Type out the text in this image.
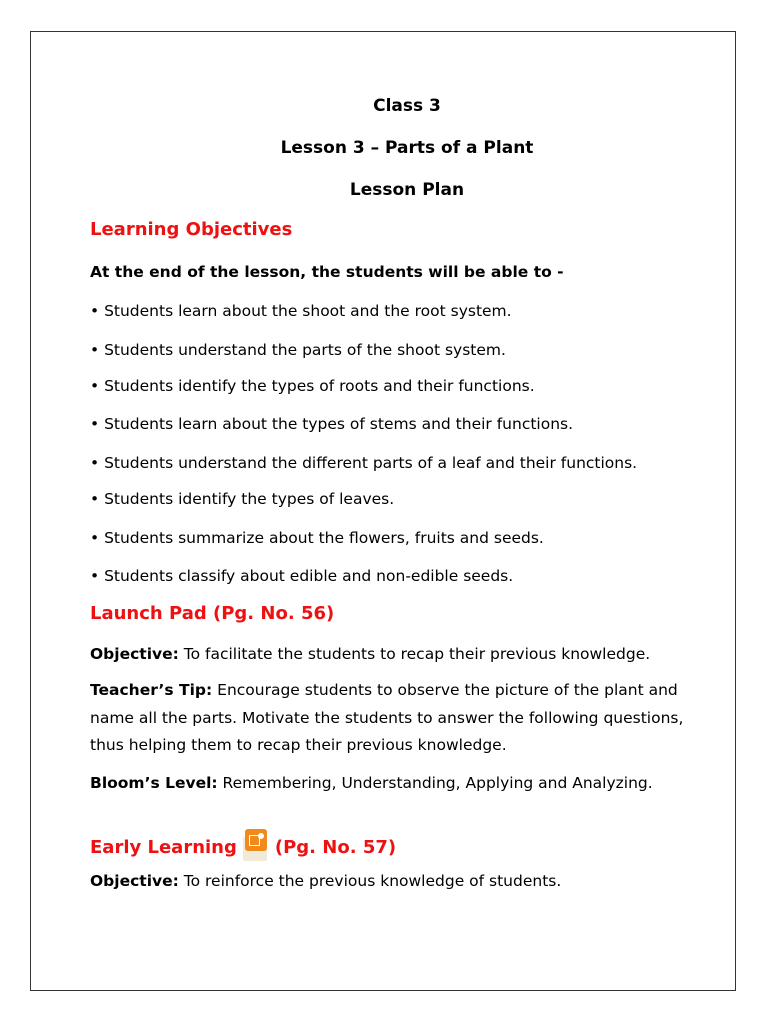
Class 3
Lesson 3 – Parts of a Plant
Lesson Plan
Learning Objectives
At the end of the lesson, the students will be able to -
• Students learn about the shoot and the root system.
• Students understand the parts of the shoot system.
• Students identify the types of roots and their functions.
• Students learn about the types of stems and their functions.
• Students understand the different parts of a leaf and their functions.
• Students identify the types of leaves.
• Students summarize about the flowers, fruits and seeds.
• Students classify about edible and non-edible seeds.
Launch Pad (Pg. No. 56)
Objective: To facilitate the students to recap their previous knowledge.
Teacher’s Tip: Encourage students to observe the picture of the plant and name all the parts. Motivate the students to answer the following questions, thus helping them to recap their previous knowledge.
Bloom’s Level: Remembering, Understanding, Applying and Analyzing.
Early Learning (Pg. No. 57)
Objective: To reinforce the previous knowledge of students.
